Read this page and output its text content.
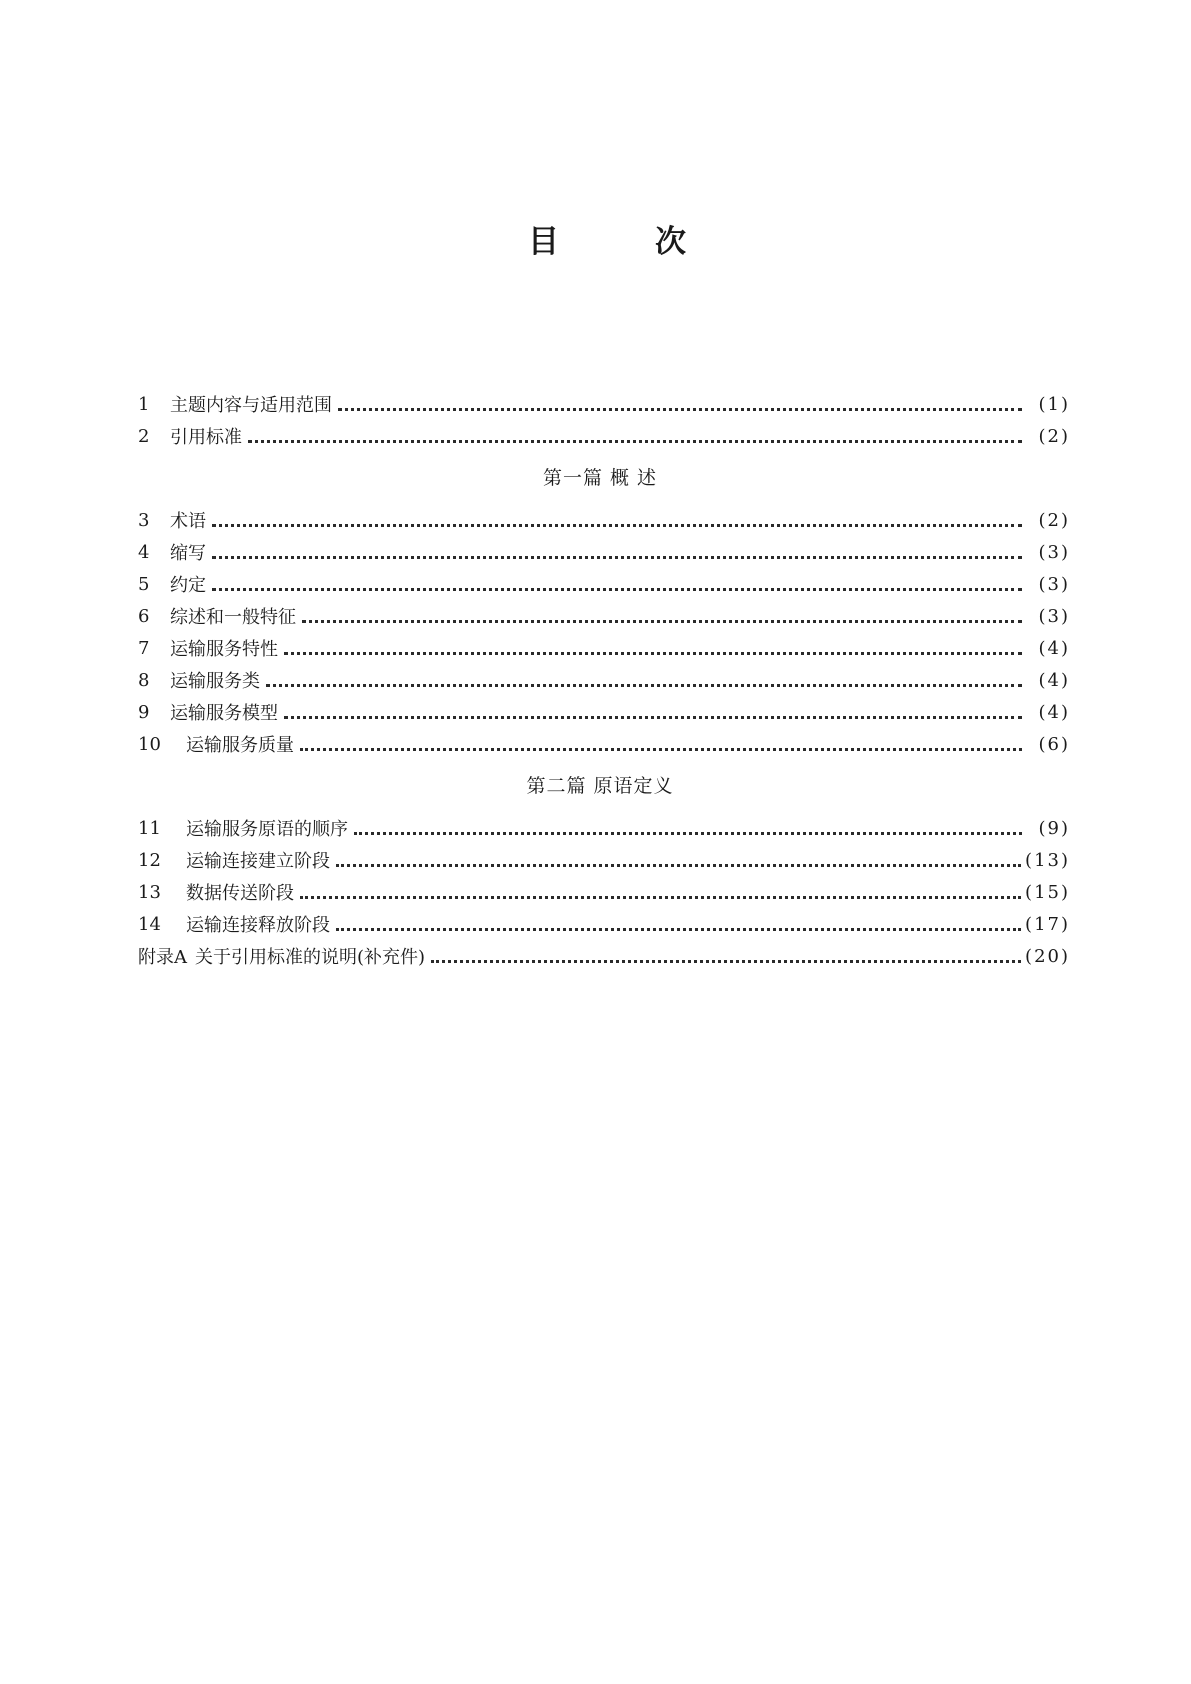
目	次
1	主题内容与适用范围	(1)
2	引用标准	(2)
第一篇 概 述
3	术语	(2)
4	缩写	(3)
5	约定	(3)
6	综述和一般特征	(3)
7	运输服务特性	(4)
8	运输服务类	(4)
9	运输服务模型	(4)
10	运输服务质量	(6)
第二篇 原语定义
11	运输服务原语的顺序	(9)
12	运输连接建立阶段	(13)
13	数据传送阶段	(15)
14	运输连接释放阶段	(17)
附录A 关于引用标准的说明(补充件)	(20)
